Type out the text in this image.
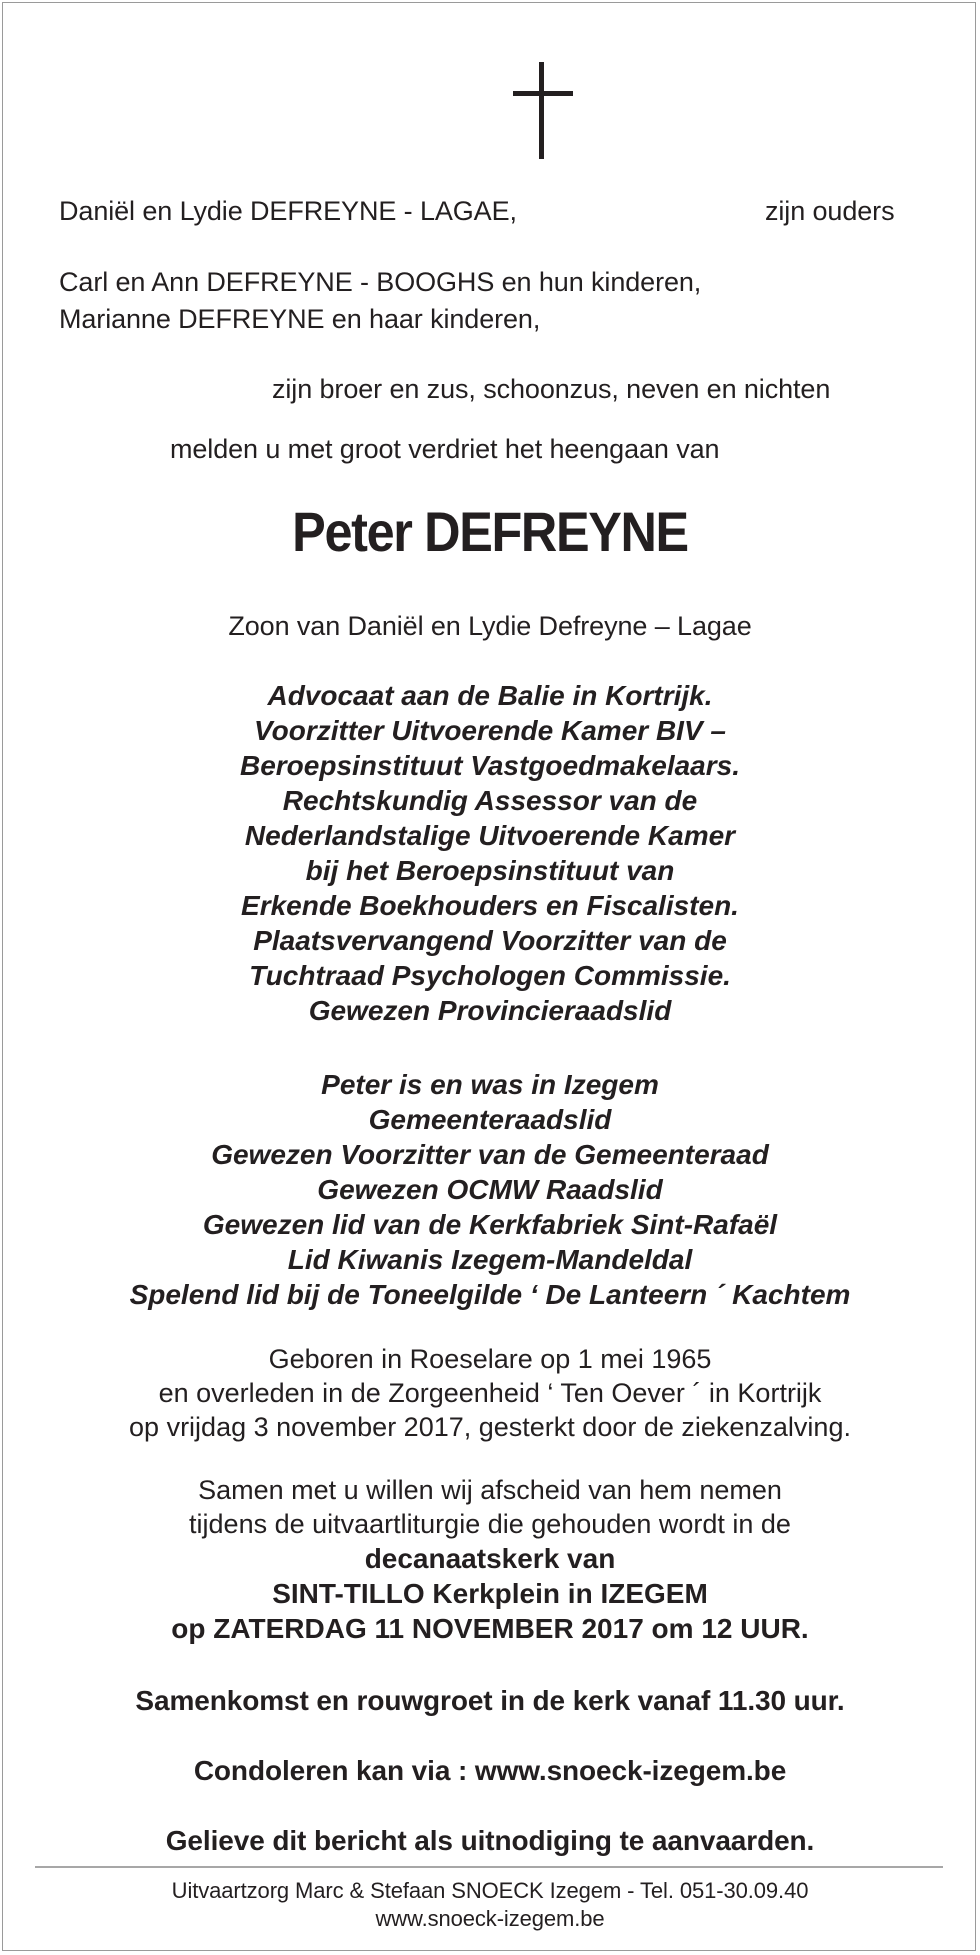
Daniël en Lydie DEFREYNE - LAGAE,	zijn ouders
Carl en Ann DEFREYNE - BOOGHS en hun kinderen,
Marianne DEFREYNE en haar kinderen,
zijn broer en zus, schoonzus, neven en nichten
melden u met groot verdriet het heengaan van
Peter DEFREYNE
Zoon van Daniël en Lydie Defreyne – Lagae
Advocaat aan de Balie in Kortrijk.
Voorzitter Uitvoerende Kamer BIV –
Beroepsinstituut Vastgoedmakelaars.
Rechtskundig Assessor van de
Nederlandstalige Uitvoerende Kamer
bij het Beroepsinstituut van
Erkende Boekhouders en Fiscalisten.
Plaatsvervangend Voorzitter van de
Tuchtraad Psychologen Commissie.
Gewezen Provincieraadslid
Peter is en was in Izegem
Gemeenteraadslid
Gewezen Voorzitter van de Gemeenteraad
Gewezen OCMW Raadslid
Gewezen lid van de Kerkfabriek Sint-Rafaël
Lid Kiwanis Izegem-Mandeldal
Spelend lid bij de Toneelgilde ‘ De Lanteern ´ Kachtem
Geboren in Roeselare op 1 mei 1965
en overleden in de Zorgeenheid ‘ Ten Oever ´ in Kortrijk
op vrijdag 3 november 2017, gesterkt door de ziekenzalving.
Samen met u willen wij afscheid van hem nemen
tijdens de uitvaartliturgie die gehouden wordt in de
decanaatskerk van
SINT-TILLO Kerkplein in IZEGEM
op ZATERDAG 11 NOVEMBER 2017 om 12 UUR.
Samenkomst en rouwgroet in de kerk vanaf 11.30 uur.
Condoleren kan via : www.snoeck-izegem.be
Gelieve dit bericht als uitnodiging te aanvaarden.
Uitvaartzorg Marc & Stefaan SNOECK Izegem - Tel. 051-30.09.40
www.snoeck-izegem.be
